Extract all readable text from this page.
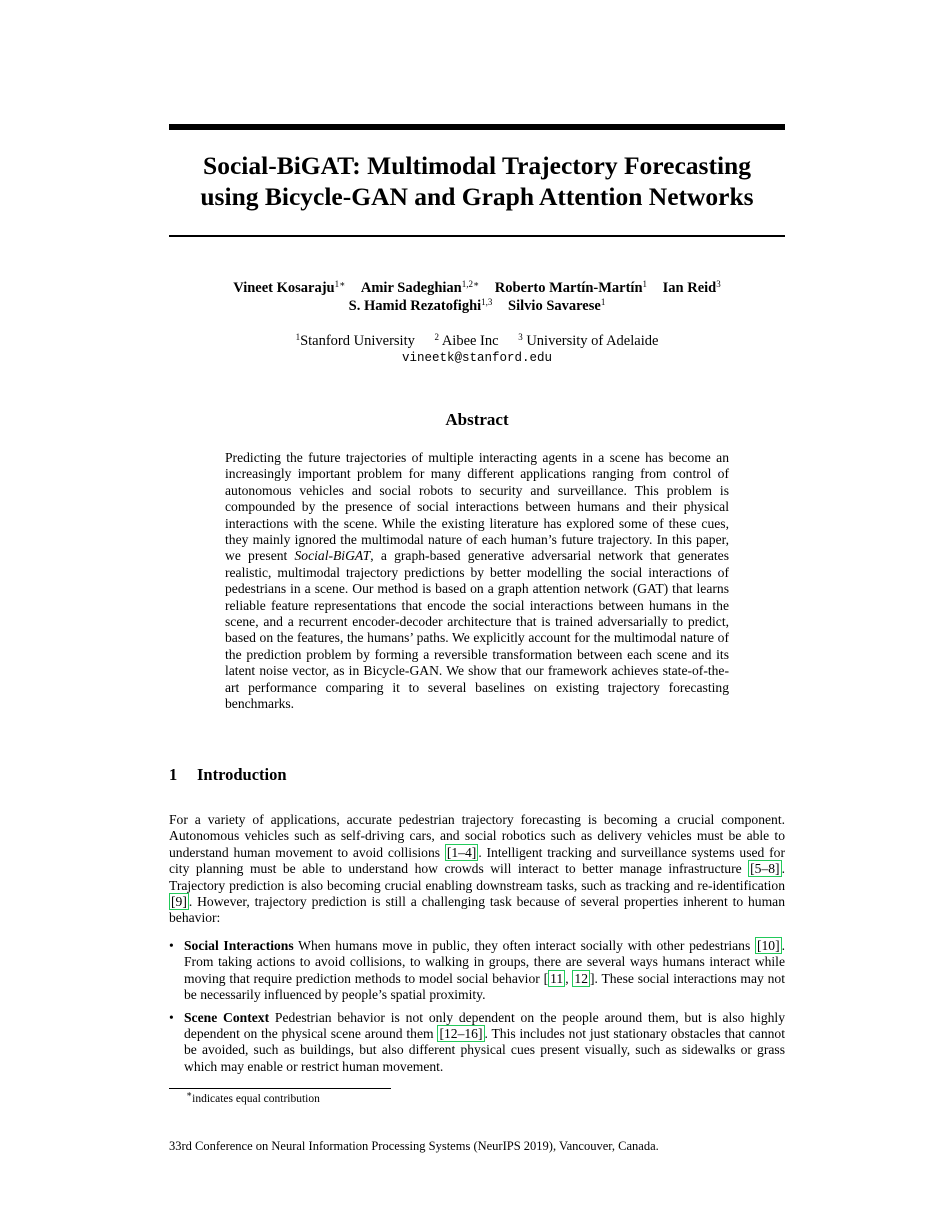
Social-BiGAT: Multimodal Trajectory Forecasting
using Bicycle-GAN and Graph Attention Networks
Vineet Kosaraju$^{1∗}$ Amir Sadeghian$^{1,2∗}$ Roberto Martín-Martín$^1$ Ian Reid$^3$
S. Hamid Rezatofighi$^{1,3}$ Silvio Savarese$^1$
$^1$Stanford University $^2$ Aibee Inc $^3$ University of Adelaide
vineetk@stanford.edu
Abstract
Predicting the future trajectories of multiple interacting agents in a scene has become an increasingly important problem for many different applications ranging from control of autonomous vehicles and social robots to security and surveillance. This problem is compounded by the presence of social interactions between humans and their physical interactions with the scene. While the existing literature has explored some of these cues, they mainly ignored the multimodal nature of each human’s future trajectory. In this paper, we present Social-BiGAT, a graph-based generative adversarial network that generates realistic, multimodal trajectory predictions by better modelling the social interactions of pedestrians in a scene. Our method is based on a graph attention network (GAT) that learns reliable feature representations that encode the social interactions between humans in the scene, and a recurrent encoder-decoder architecture that is trained adversarially to predict, based on the features, the humans’ paths. We explicitly account for the multimodal nature of the prediction problem by forming a reversible transformation between each scene and its latent noise vector, as in Bicycle-GAN. We show that our framework achieves state-of-the-art performance comparing it to several baselines on existing trajectory forecasting benchmarks.
1 Introduction
For a variety of applications, accurate pedestrian trajectory forecasting is becoming a crucial component. Autonomous vehicles such as self-driving cars, and social robotics such as delivery vehicles must be able to understand human movement to avoid collisions [1–4] . Intelligent tracking and surveillance systems used for city planning must be able to understand how crowds will interact to better manage infrastructure [5–8] . Trajectory prediction is also becoming crucial enabling downstream tasks, such as tracking and re-identification [9] . However, trajectory prediction is still a challenging task because of several properties inherent to human behavior:
• Social Interactions When humans move in public, they often interact socially with other pedestrians [10] . From taking actions to avoid collisions, to walking in groups, there are several ways humans interact while moving that require prediction methods to model social behavior [ 11 , 12 ]. These social interactions may not be necessarily influenced by people’s spatial proximity.
• Scene Context Pedestrian behavior is not only dependent on the people around them, but is also highly dependent on the physical scene around them [12–16] . This includes not just stationary obstacles that cannot be avoided, such as buildings, but also different physical cues present visually, such as sidewalks or grass which may enable or restrict human movement.
∗indicates equal contribution
33rd Conference on Neural Information Processing Systems (NeurIPS 2019), Vancouver, Canada.
